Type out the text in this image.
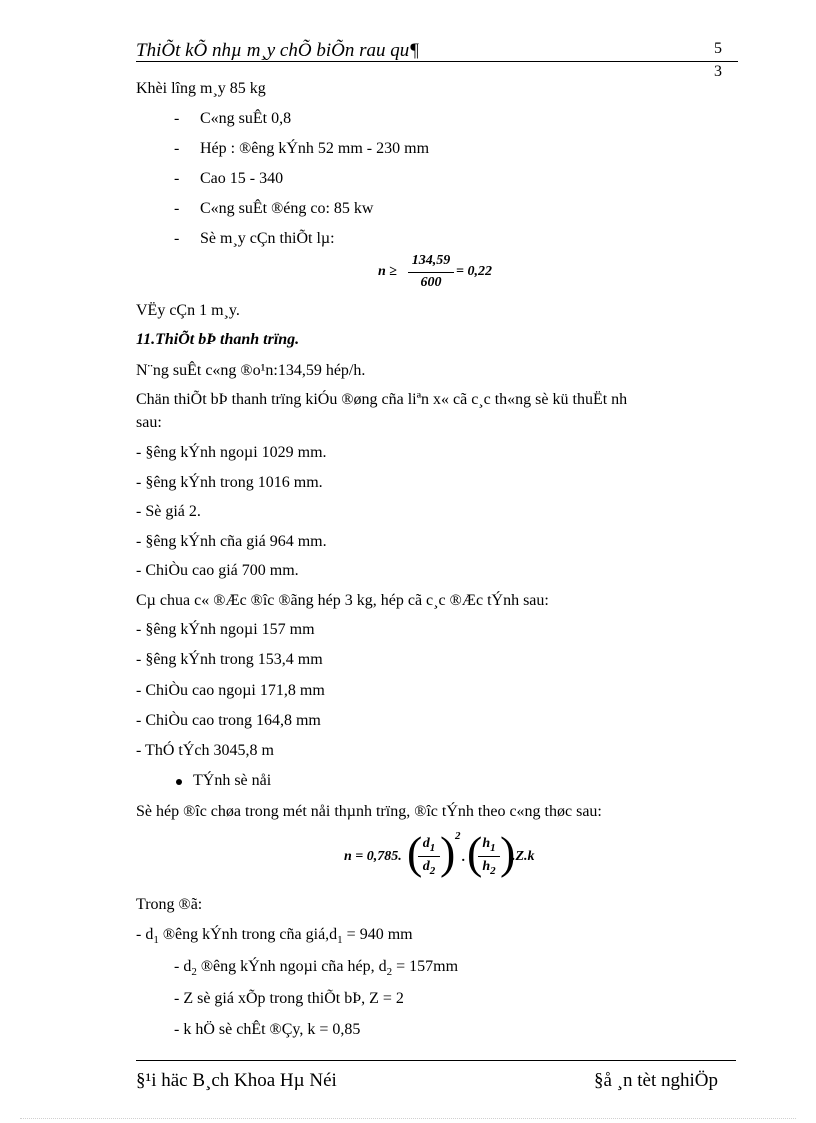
ThiÕt kÕ nhµ m¸y chÕ biÕn rau qu¶	5
3
Khèi lîng m¸y 85 kg
- C«ng suÊt 0,8
- Hép : ®êng kÝnh 52 mm - 230 mm
- Cao 15 - 340
- C«ng suÊt ®éng co: 85 kw
- Sè m¸y cÇn thiÕt lµ:
n ≥
134,59
600
= 0,22
VËy cÇn 1 m¸y.
11.ThiÕt bÞ thanh trïng.
N¨ng suÊt c«ng ®o¹n:134,59 hép/h.
Chän thiÕt bÞ thanh trïng kiÓu ®øng cña liªn x« cã c¸c th«ng sè kü thuËt nh
sau:
- §êng kÝnh ngoµi 1029 mm.
- §êng kÝnh trong 1016 mm.
- Sè giá 2.
- §êng kÝnh cña giá 964 mm.
- ChiÒu cao giá 700 mm.
Cµ chua c« ®Æc ®îc ®ãng hép 3 kg, hép cã c¸c ®Æc tÝnh sau:
- §êng kÝnh ngoµi 157 mm
- §êng kÝnh trong 153,4 mm
- ChiÒu cao ngoµi 171,8 mm
- ChiÒu cao trong 164,8 mm
- ThÓ tÝch 3045,8 m
TÝnh sè nåi
Sè hép ®îc chøa trong mét nåi thµnh trïng, ®îc tÝnh theo c«ng thøc sau:
n = 0,785. ( $d_1$
$d_2$ ) 2
. ( $h_1$
$h_2$ )
.Z.k
Trong ®ã:
- $d_1$ ®êng kÝnh trong cña $giá,d_1 = 940$ mm
- $d_2$ ®êng kÝnh ngoµi cña hép, $d_2 = 157mm$
- Z sè giá xÕp trong thiÕt bÞ, Z = 2
- k hÖ sè chÊt ®Çy, k = 0,85
§¹i häc B¸ch Khoa Hµ Néi	§å ¸n tèt nghiÖp
